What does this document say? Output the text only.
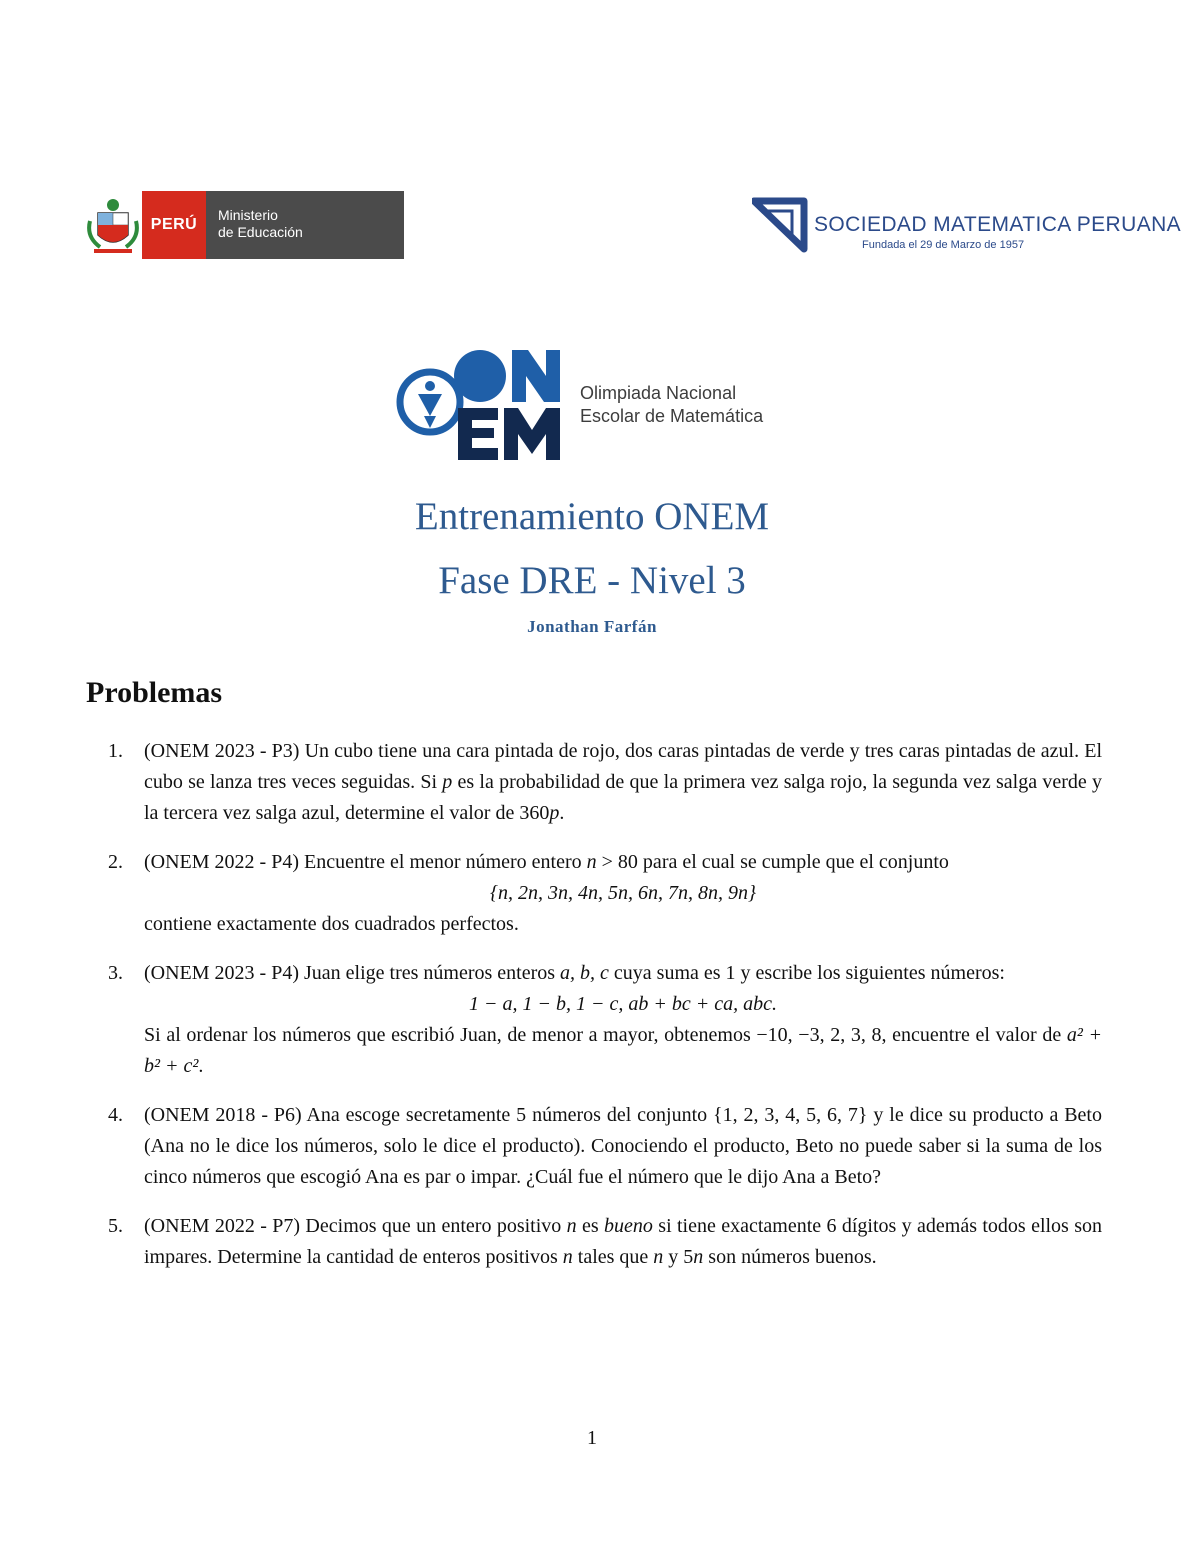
PERÚ
Ministerio
de Educación	SOCIEDAD MATEMATICA PERUANA
Fundada el 29 de Marzo de 1957
Olimpiada Nacional
Escolar de Matemática
Entrenamiento ONEM
Fase DRE - Nivel 3
Jonathan Farfán
Problemas
1. (ONEM 2023 - P3) Un cubo tiene una cara pintada de rojo, dos caras pintadas de verde y tres caras pintadas de azul. El cubo se lanza tres veces seguidas. Si p es la probabilidad de que la primera vez salga rojo, la segunda vez salga verde y la tercera vez salga azul, determine el valor de 360p.

2. (ONEM 2022 - P4) Encuentre el menor número entero n > 80 para el cual se cumple que el conjunto

{n, 2n, 3n, 4n, 5n, 6n, 7n, 8n, 9n}

contiene exactamente dos cuadrados perfectos.

3. (ONEM 2023 - P4) Juan elige tres números enteros a, b, c cuya suma es 1 y escribe los siguientes números:

1 − a, 1 − b, 1 − c, ab + bc + ca, abc.

Si al ordenar los números que escribió Juan, de menor a mayor, obtenemos −10, −3, 2, 3, 8, encuentre el valor de a² + b² + c².

4. (ONEM 2018 - P6) Ana escoge secretamente 5 números del conjunto {1, 2, 3, 4, 5, 6, 7} y le dice su producto a Beto (Ana no le dice los números, solo le dice el producto). Conociendo el producto, Beto no puede saber si la suma de los cinco números que escogió Ana es par o impar. ¿Cuál fue el número que le dijo Ana a Beto?

5. (ONEM 2022 - P7) Decimos que un entero positivo n es bueno si tiene exactamente 6 dígitos y además todos ellos son impares. Determine la cantidad de enteros positivos n tales que n y 5n son números buenos.

1
